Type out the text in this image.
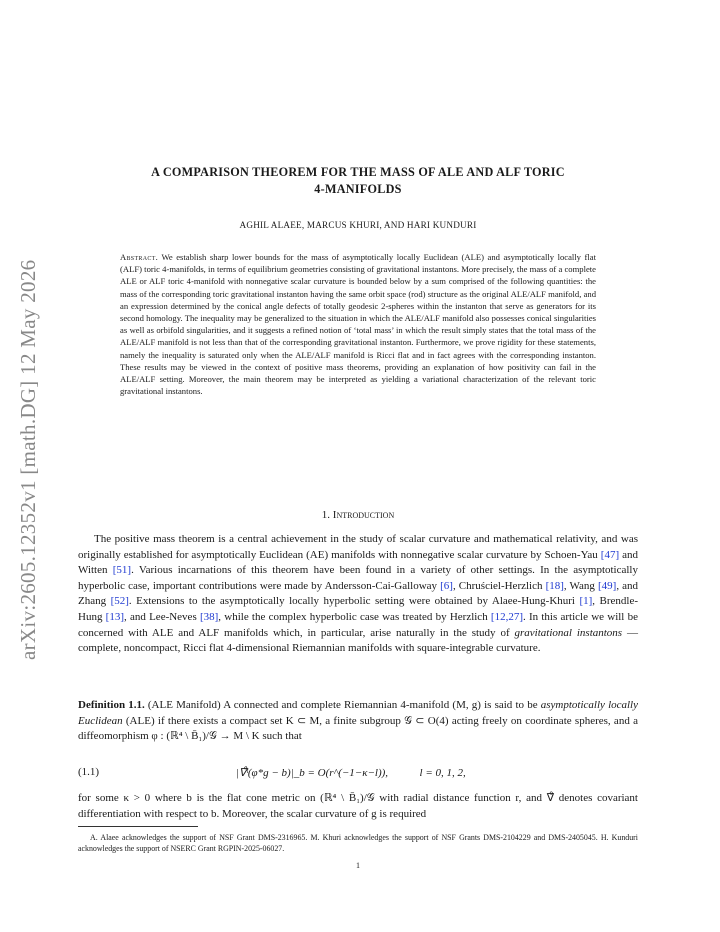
arXiv:2605.12352v1 [math.DG] 12 May 2026
A COMPARISON THEOREM FOR THE MASS OF ALE AND ALF TORIC
4-MANIFOLDS
AGHIL ALAEE, MARCUS KHURI, AND HARI KUNDURI
Abstract. We establish sharp lower bounds for the mass of asymptotically locally Euclidean (ALE) and asymptotically locally flat (ALF) toric 4-manifolds, in terms of equilibrium geometries consisting of gravitational instantons. More precisely, the mass of a complete ALE or ALF toric 4-manifold with nonnegative scalar curvature is bounded below by a sum comprised of the following quantities: the mass of the corresponding toric gravitational instanton having the same orbit space (rod) structure as the original ALE/ALF manifold, and an expression determined by the conical angle defects of totally geodesic 2-spheres within the instanton that serve as generators for its second homology. The inequality may be generalized to the situation in which the ALE/ALF manifold also possesses conical singularities as well as orbifold singularities, and it suggests a refined notion of ‘total mass’ in which the result simply states that the total mass of the ALE/ALF manifold is not less than that of the corresponding gravitational instanton. Furthermore, we prove rigidity for these statements, namely the inequality is saturated only when the ALE/ALF manifold is Ricci flat and in fact agrees with the corresponding instanton. These results may be viewed in the context of positive mass theorems, providing an explanation of how positivity can fail in the ALE/ALF setting. Moreover, the main theorem may be interpreted as yielding a variational characterization of the relevant toric gravitational instantons.
1. Introduction
The positive mass theorem is a central achievement in the study of scalar curvature and mathematical relativity, and was originally established for asymptotically Euclidean (AE) manifolds with nonnegative scalar curvature by Schoen-Yau [47] and Witten [51]. Various incarnations of this theorem have been found in a variety of other settings. In the asymptotically hyperbolic case, important contributions were made by Andersson-Cai-Galloway [6], Chruściel-Herzlich [18], Wang [49], and Zhang [52]. Extensions to the asymptotically locally hyperbolic setting were obtained by Alaee-Hung-Khuri [1], Brendle-Hung [13], and Lee-Neves [38], while the complex hyperbolic case was treated by Herzlich [12,27]. In this article we will be concerned with ALE and ALF manifolds which, in particular, arise naturally in the study of gravitational instantons — complete, noncompact, Ricci flat 4-dimensional Riemannian manifolds with square-integrable curvature.
Definition 1.1. (ALE Manifold) A connected and complete Riemannian 4-manifold (M, g) is said to be asymptotically locally Euclidean (ALE) if there exists a compact set K ⊂ M, a finite subgroup 𝒢 ⊂ O(4) acting freely on coordinate spheres, and a diffeomorphism φ : (ℝ⁴ \ B̄₁)/𝒢 → M \ K such that
(1.1)	|∇̊ˡ(φ*g − b)|_b = O(r^(−1−κ−l)),	l = 0, 1, 2,
for some κ > 0 where b is the flat cone metric on (ℝ⁴ \ B̄₁)/𝒢 with radial distance function r, and ∇̊ denotes covariant differentiation with respect to b. Moreover, the scalar curvature of g is required
A. Alaee acknowledges the support of NSF Grant DMS-2316965. M. Khuri acknowledges the support of NSF Grants DMS-2104229 and DMS-2405045. H. Kunduri acknowledges the support of NSERC Grant RGPIN-2025-06027.
1
